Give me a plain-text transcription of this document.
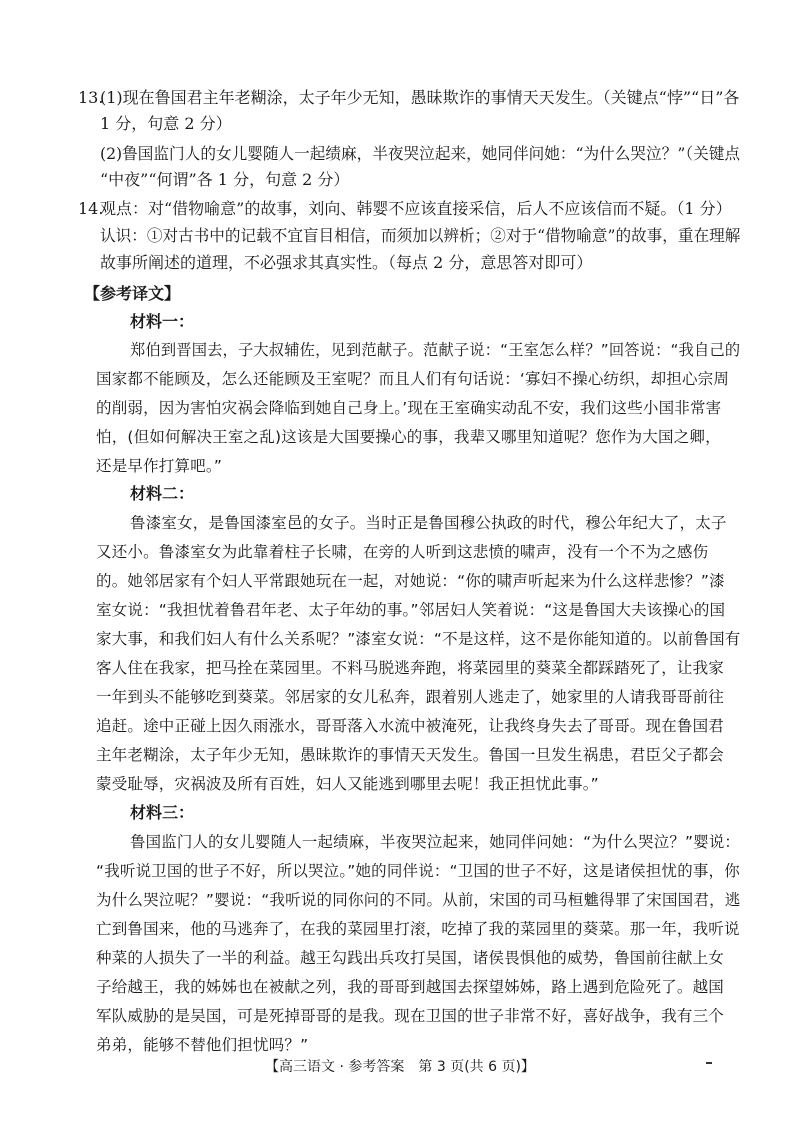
13.
(1)现在鲁国君主年老糊涂，太子年少无知，愚昧欺诈的事情天天发生。（关键点“悖”“日”各
1 分，句意 2 分）
(2)鲁国监门人的女儿婴随人一起绩麻，半夜哭泣起来，她同伴问她：“为什么哭泣？”（关键点
“中夜”“何谓”各 1 分，句意 2 分）
14.
观点：对“借物喻意”的故事，刘向、韩婴不应该直接采信，后人不应该信而不疑。（1 分）
认识：①对古书中的记载不宜盲目相信，而须加以辨析；②对于“借物喻意”的故事，重在理解
故事所阐述的道理，不必强求其真实性。（每点 2 分，意思答对即可）
【参考译文】
材料一：
郑伯到晋国去，子大叔辅佐，见到范献子。范献子说：“王室怎么样？”回答说：“我自己的
国家都不能顾及，怎么还能顾及王室呢？而且人们有句话说：‘寡妇不操心纺织，却担心宗周
的削弱，因为害怕灾祸会降临到她自己身上。’现在王室确实动乱不安，我们这些小国非常害
怕，(但如何解决王室之乱)这该是大国要操心的事，我辈又哪里知道呢？您作为大国之卿，
还是早作打算吧。”
材料二：
鲁漆室女，是鲁国漆室邑的女子。当时正是鲁国穆公执政的时代，穆公年纪大了，太子
又还小。鲁漆室女为此靠着柱子长啸，在旁的人听到这悲愤的啸声，没有一个不为之感伤
的。她邻居家有个妇人平常跟她玩在一起，对她说：“你的啸声听起来为什么这样悲惨？”漆
室女说：“我担忧着鲁君年老、太子年幼的事。”邻居妇人笑着说：“这是鲁国大夫该操心的国
家大事，和我们妇人有什么关系呢？”漆室女说：“不是这样，这不是你能知道的。以前鲁国有
客人住在我家，把马拴在菜园里。不料马脱逃奔跑，将菜园里的葵菜全都踩踏死了，让我家
一年到头不能够吃到葵菜。邻居家的女儿私奔，跟着别人逃走了，她家里的人请我哥哥前往
追赶。途中正碰上因久雨涨水，哥哥落入水流中被淹死，让我终身失去了哥哥。现在鲁国君
主年老糊涂，太子年少无知，愚昧欺诈的事情天天发生。鲁国一旦发生祸患，君臣父子都会
蒙受耻辱，灾祸波及所有百姓，妇人又能逃到哪里去呢！我正担忧此事。”
材料三：
鲁国监门人的女儿婴随人一起绩麻，半夜哭泣起来，她同伴问她：“为什么哭泣？”婴说：
“我听说卫国的世子不好，所以哭泣。”她的同伴说：“卫国的世子不好，这是诸侯担忧的事，你
为什么哭泣呢？”婴说：“我听说的同你问的不同。从前，宋国的司马桓魋得罪了宋国国君，逃
亡到鲁国来，他的马逃奔了，在我的菜园里打滚，吃掉了我的菜园里的葵菜。那一年，我听说
种菜的人损失了一半的利益。越王勾践出兵攻打吴国，诸侯畏惧他的威势，鲁国前往献上女
子给越王，我的姊姊也在被献之列，我的哥哥到越国去探望姊姊，路上遇到危险死了。越国
军队威胁的是吴国，可是死掉哥哥的是我。现在卫国的世子非常不好，喜好战争，我有三个
弟弟，能够不替他们担忧吗？”
【高三语文 · 参考答案　第 3 页(共 6 页)】
